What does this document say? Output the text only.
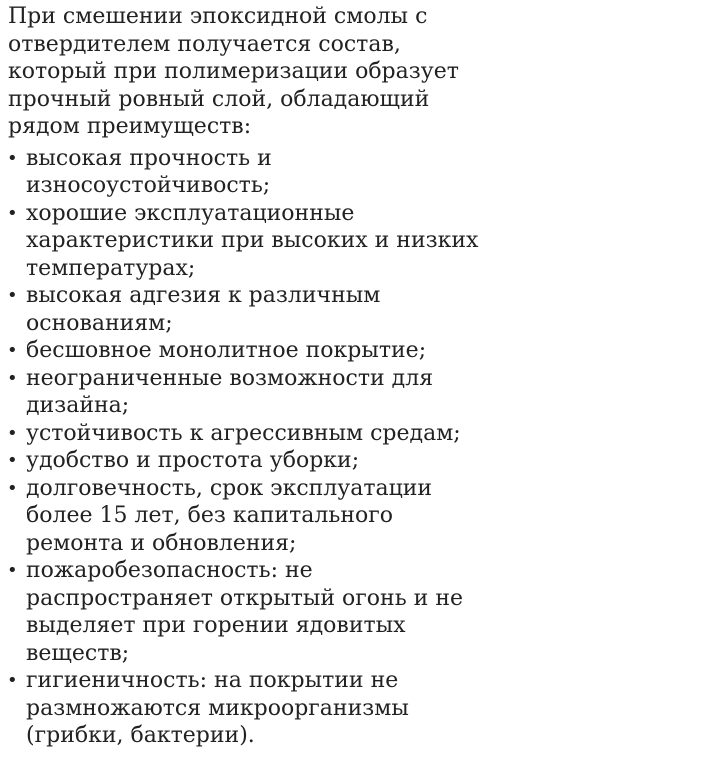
При смешении эпоксидной смолы с отвердителем получается состав, который при полимеризации образует прочный ровный слой, обладающий рядом преимуществ:

• высокая прочность и износоустойчивость;
• хорошие эксплуатационные характеристики при высоких и низких температурах;
• высокая адгезия к различным основаниям;
• бесшовное монолитное покрытие;
• неограниченные возможности для дизайна;
• устойчивость к агрессивным средам;
• удобство и простота уборки;
• долговечность, срок эксплуатации более 15 лет, без капитального ремонта и обновления;
• пожаробезопасность: не распространяет открытый огонь и не выделяет при горении ядовитых веществ;
• гигиеничность: на покрытии не размножаются микроорганизмы (грибки, бактерии).
